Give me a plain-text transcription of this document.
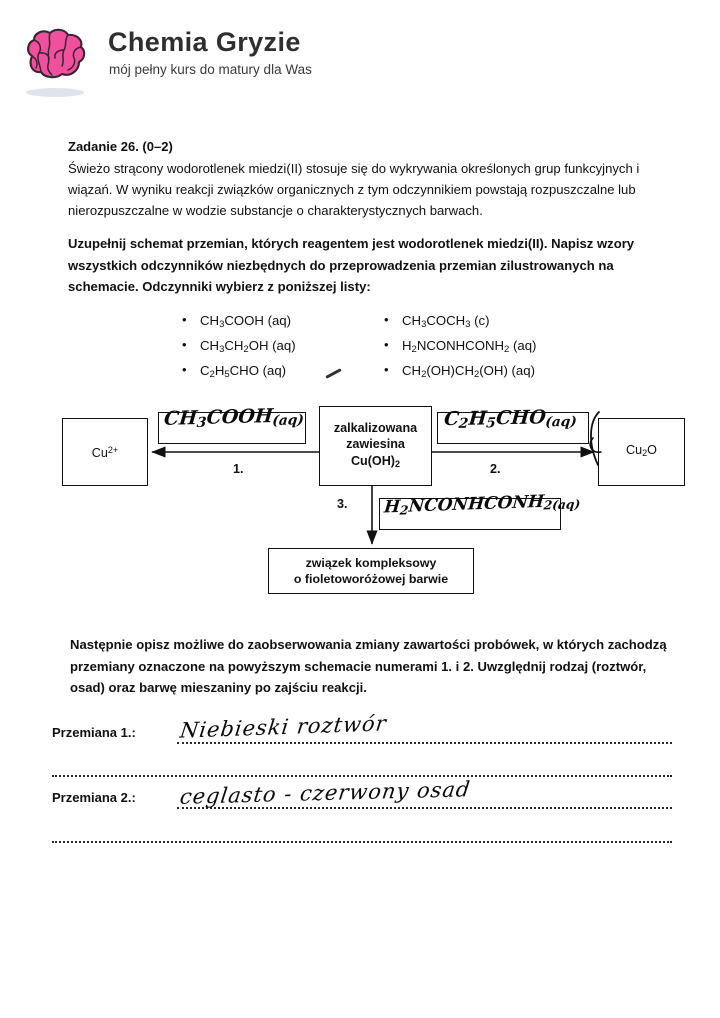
Chemia Gryzie
mój pełny kurs do matury dla Was
Zadanie 26. (0–2)
Świeżo strącony wodorotlenek miedzi(II) stosuje się do wykrywania określonych grup funkcyjnych i wiązań. W wyniku reakcji związków organicznych z tym odczynnikiem powstają rozpuszczalne lub nierozpuszczalne w wodzie substancje o charakterystycznych barwach.
Uzupełnij schemat przemian, których reagentem jest wodorotlenek miedzi(II). Napisz wzory wszystkich odczynników niezbędnych do przeprowadzenia przemian zilustrowanych na schemacie. Odczynniki wybierz z poniższej listy:
• $CH_3COOH$ (aq)
• $CH_3CH_2OH$ (aq)
• $C_2H_5CHO$ (aq)
• $CH_3COCH_3$ (c)
• $H_2NCONHCONH_2$ (aq)
• $CH_2(OH)CH_2(OH)$ (aq)
$Cu^{2+}$
zalkalizowana
zawiesina
$Cu(OH)_2$
$Cu_2O$
związek kompleksowy
o fioletoworóżowej barwie
$CH_3COOH_{(aq)}$	$C_2H_5CHO_{(aq)}$
$H_2NCONHCONH_{2(aq)}$
1.	2.
3.
Następnie opisz możliwe do zaobserwowania zmiany zawartości probówek, w których zachodzą przemiany oznaczone na powyższym schemacie numerami 1. i 2. Uwzględnij rodzaj (roztwór, osad) oraz barwę mieszaniny po zajściu reakcji.
Przemiana 1.: Niebieski roztwór
Przemiana 2.: ceglasto - czerwony osad
